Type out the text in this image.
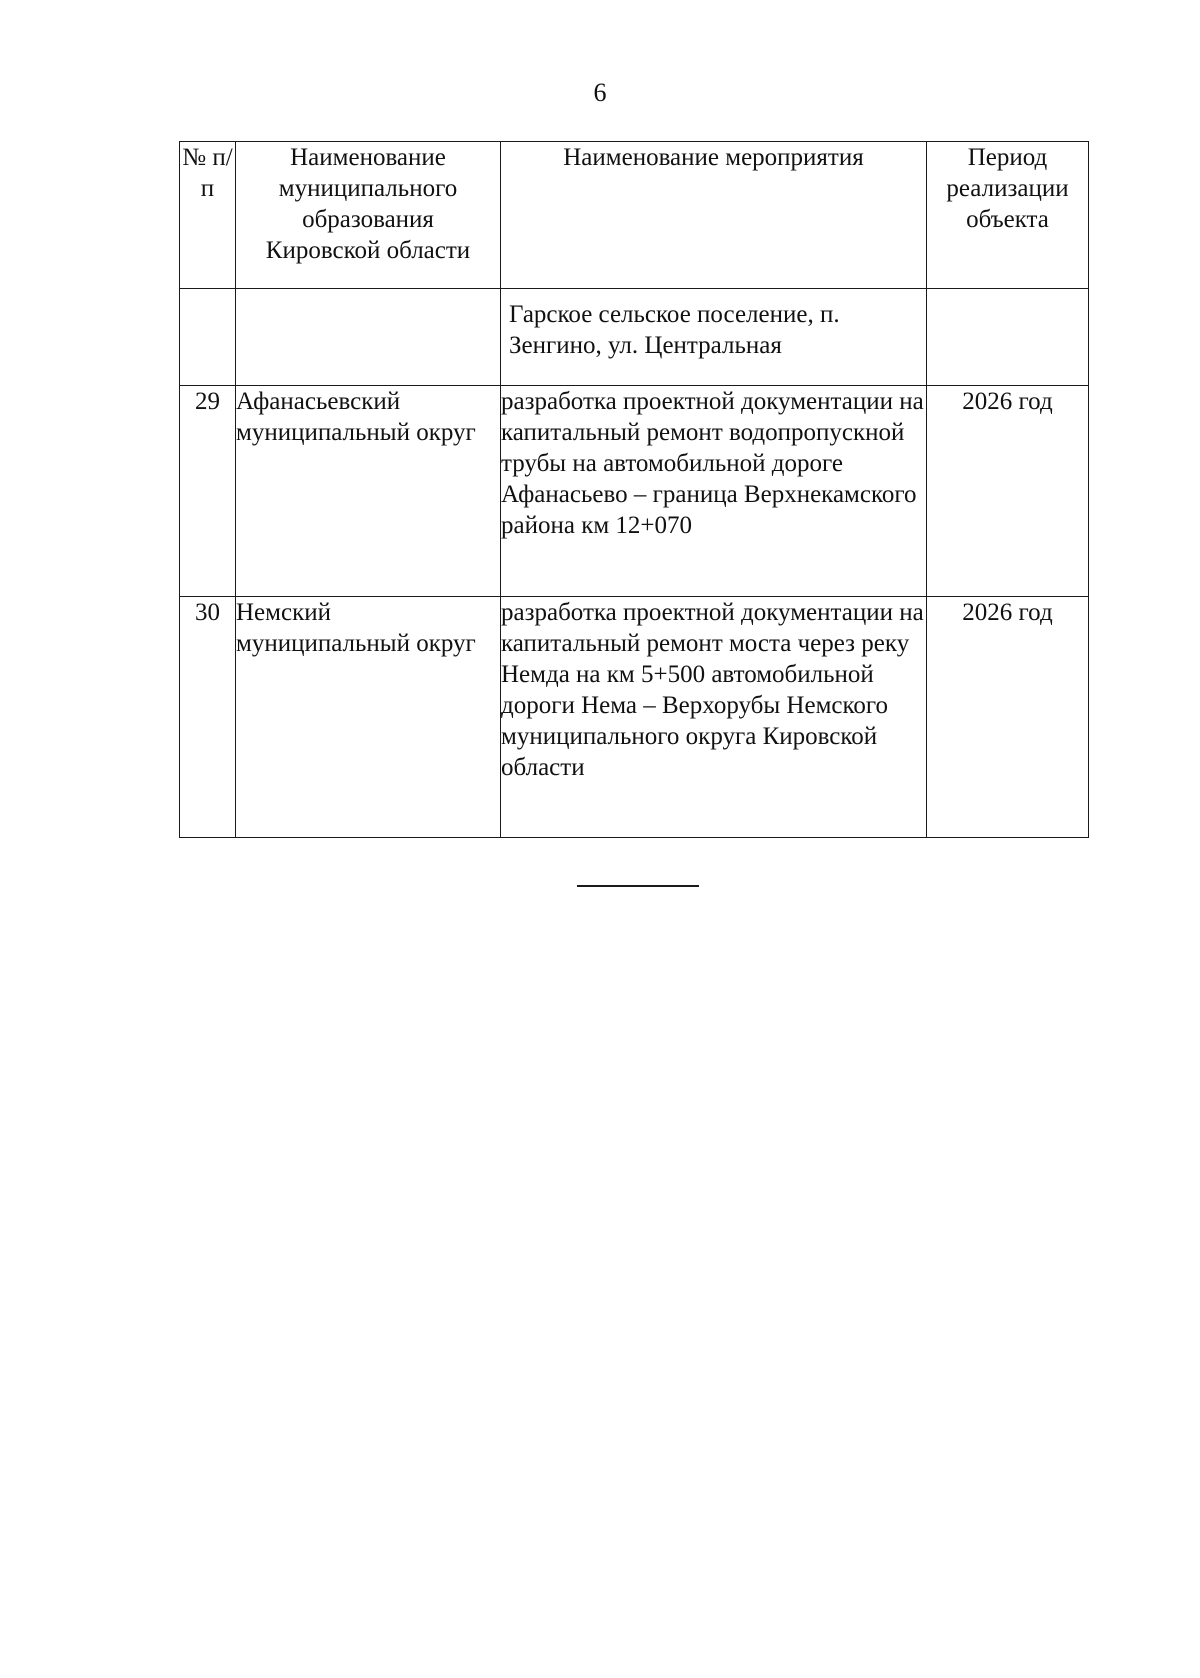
6
№ п/п	Наименование муниципального образования Кировской области	Наименование мероприятия	Период реализации объекта
		Гарское сельское поселение, п. Зенгино, ул. Центральная	
29	Афанасьевский муниципальный округ	разработка проектной документации на капитальный ремонт водопропускной трубы на автомобильной дороге Афанасьево – граница Верхнекамского района км 12+070	2026 год
30	Немский муниципальный округ	разработка проектной документации на капитальный ремонт моста через реку Немда на км 5+500 автомобильной дороги Нема – Верхорубы Немского муниципального округа Кировской области	2026 год
